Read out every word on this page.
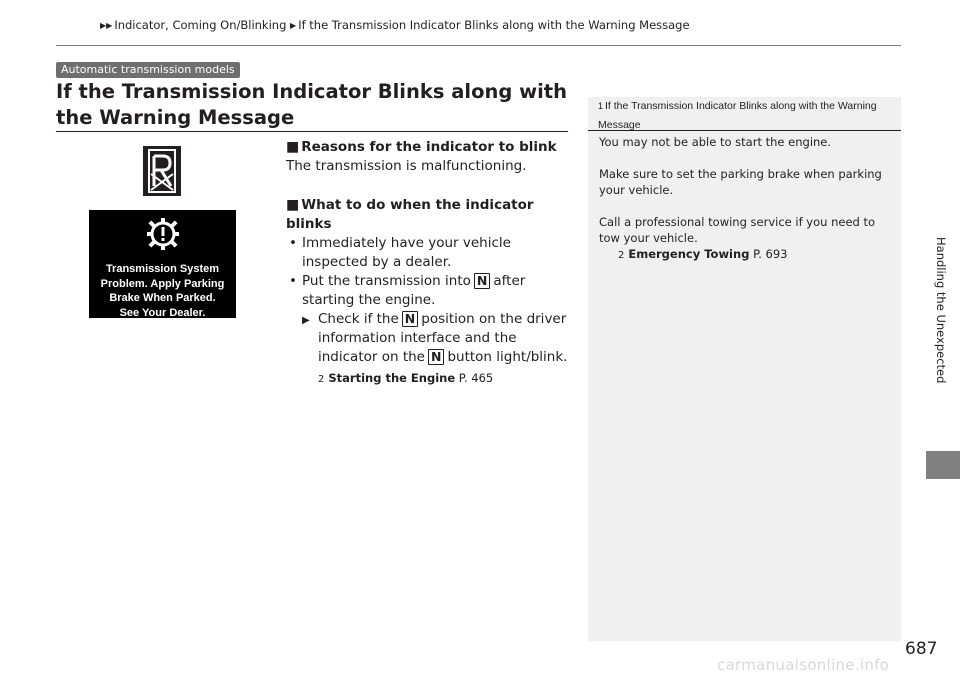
▶▶ Indicator, Coming On/Blinking ▶ If the Transmission Indicator Blinks along with the Warning Message
Handling the Unexpected
Automatic transmission models
If the Transmission Indicator Blinks along with the Warning Message
Transmission System
Problem. Apply Parking
Brake When Parked.
See Your Dealer.

■ Reasons for the indicator to blink

The transmission is malfunctioning.

■ What to do when the indicator blinks

• Immediately have your vehicle inspected by a dealer.

• Put the transmission into N after starting the engine.

▶ Check if the N position on the driver information interface and the indicator on the N button light/blink.

2 Starting the Engine P. 465

1 If the Transmission Indicator Blinks along with the Warning Message

You may not be able to start the engine.

Make sure to set the parking brake when parking your vehicle.

Call a professional towing service if you need to tow your vehicle.

2 Emergency Towing P. 693

687
carmanualsonline.info
